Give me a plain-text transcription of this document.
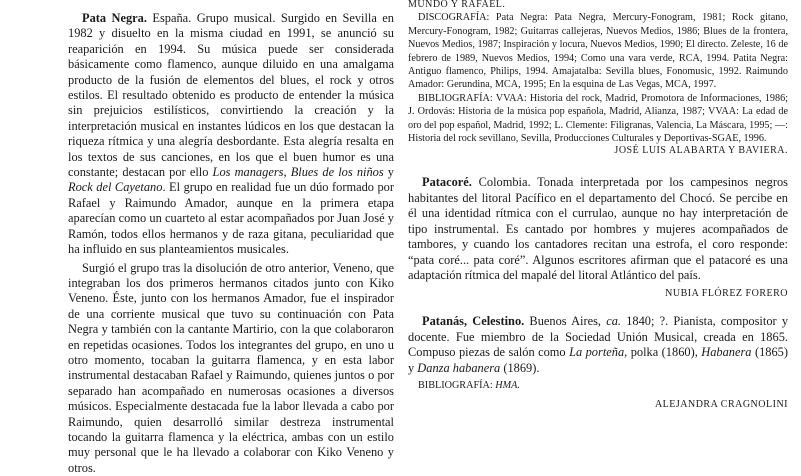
Pata Negra. España. Grupo musical. Surgido en Sevilla en 1982 y disuelto en la misma ciudad en 1991, se anunció su reaparición en 1994. Su música puede ser considerada básicamente como flamenco, aunque diluido en una amalgama producto de la fusión de elementos del blues, el rock y otros estilos. El resultado obtenido es producto de entender la música sin prejuicios estilísticos, convirtiendo la creación y la interpretación musical en instantes lúdicos en los que destacan la riqueza rítmica y una alegría desbordante. Esta alegría resalta en los textos de sus canciones, en los que el buen humor es una constante; destacan por ello Los managers, Blues de los niños y Rock del Cayetano. El grupo en realidad fue un dúo formado por Rafael y Raimundo Amador, aunque en la primera etapa aparecían como un cuarteto al estar acompañados por Juan José y Ramón, todos ellos hermanos y de raza gitana, peculiaridad que ha influido en sus planteamientos musicales.

Surgió el grupo tras la disolución de otro anterior, Veneno, que integraban los dos primeros hermanos citados junto con Kiko Veneno. Éste, junto con los hermanos Amador, fue el inspirador de una corriente musical que tuvo su continuación con Pata Negra y también con la cantante Martirio, con la que colaboraron en repetidas ocasiones. Todos los integrantes del grupo, en uno u otro momento, tocaban la guitarra flamenca, y en esta labor instrumental destacaban Rafael y Raimundo, quienes juntos o por separado han acompañado en numerosas ocasiones a diversos músicos. Especialmente destacada fue la labor llevada a cabo por Raimundo, quien desarrolló similar destreza instrumental tocando la guitarra flamenca y la eléctrica, ambas con un estilo muy personal que le ha llevado a colaborar con Kiko Veneno y otros.

MUNDO Y RAFAEL.

DISCOGRAFÍA: Pata Negra: Pata Negra, Mercury-Fonogram, 1981; Rock gitano, Mercury-Fonogram, 1982; Guitarras callejeras, Nuevos Medios, 1986; Blues de la frontera, Nuevos Medios, 1987; Inspiración y locura, Nuevos Medios, 1990; El directo. Zeleste, 16 de febrero de 1989, Nuevos Medios, 1994; Como una vara verde, RCA, 1994. Patita Negra: Antiguo flamenco, Philips, 1994. Amajatalba: Sevilla blues, Fonomusic, 1992. Raimundo Amador: Gerundina, MCA, 1995; En la esquina de Las Vegas, MCA, 1997.

BIBLIOGRAFÍA: VVAA: Historia del rock, Madrid, Promotora de Informaciones, 1986; J. Ordovás: Historia de la música pop española, Madrid, Alianza, 1987; VVAA: La edad de oro del pop español, Madrid, 1992; L. Clemente: Filigranas, Valencia, La Máscara, 1995; —: Historia del rock sevillano, Sevilla, Producciones Culturales y Deportivas-SGAE, 1996.

JOSÉ LUIS ALABARTA Y BAVIERA.

Patacoré. Colombia. Tonada interpretada por los campesinos negros habitantes del litoral Pacífico en el departamento del Chocó. Se percibe en él una identidad rítmica con el currulao, aunque no hay interpretación de tipo instrumental. Es cantado por hombres y mujeres acompañados de tambores, y cuando los cantadores recitan una estrofa, el coro responde: “pata coré... pata coré”. Algunos escritores afirman que el patacoré es una adaptación rítmica del mapalé del litoral Atlántico del país.

NUBIA FLÓREZ FORERO

Patanás, Celestino. Buenos Aires, ca. 1840; ?. Pianista, compositor y docente. Fue miembro de la Sociedad Unión Musical, creada en 1865. Compuso piezas de salón como La porteña, polka (1860), Habanera (1865) y Danza habanera (1869).

BIBLIOGRAFÍA: HMA.

ALEJANDRA CRAGNOLINI
